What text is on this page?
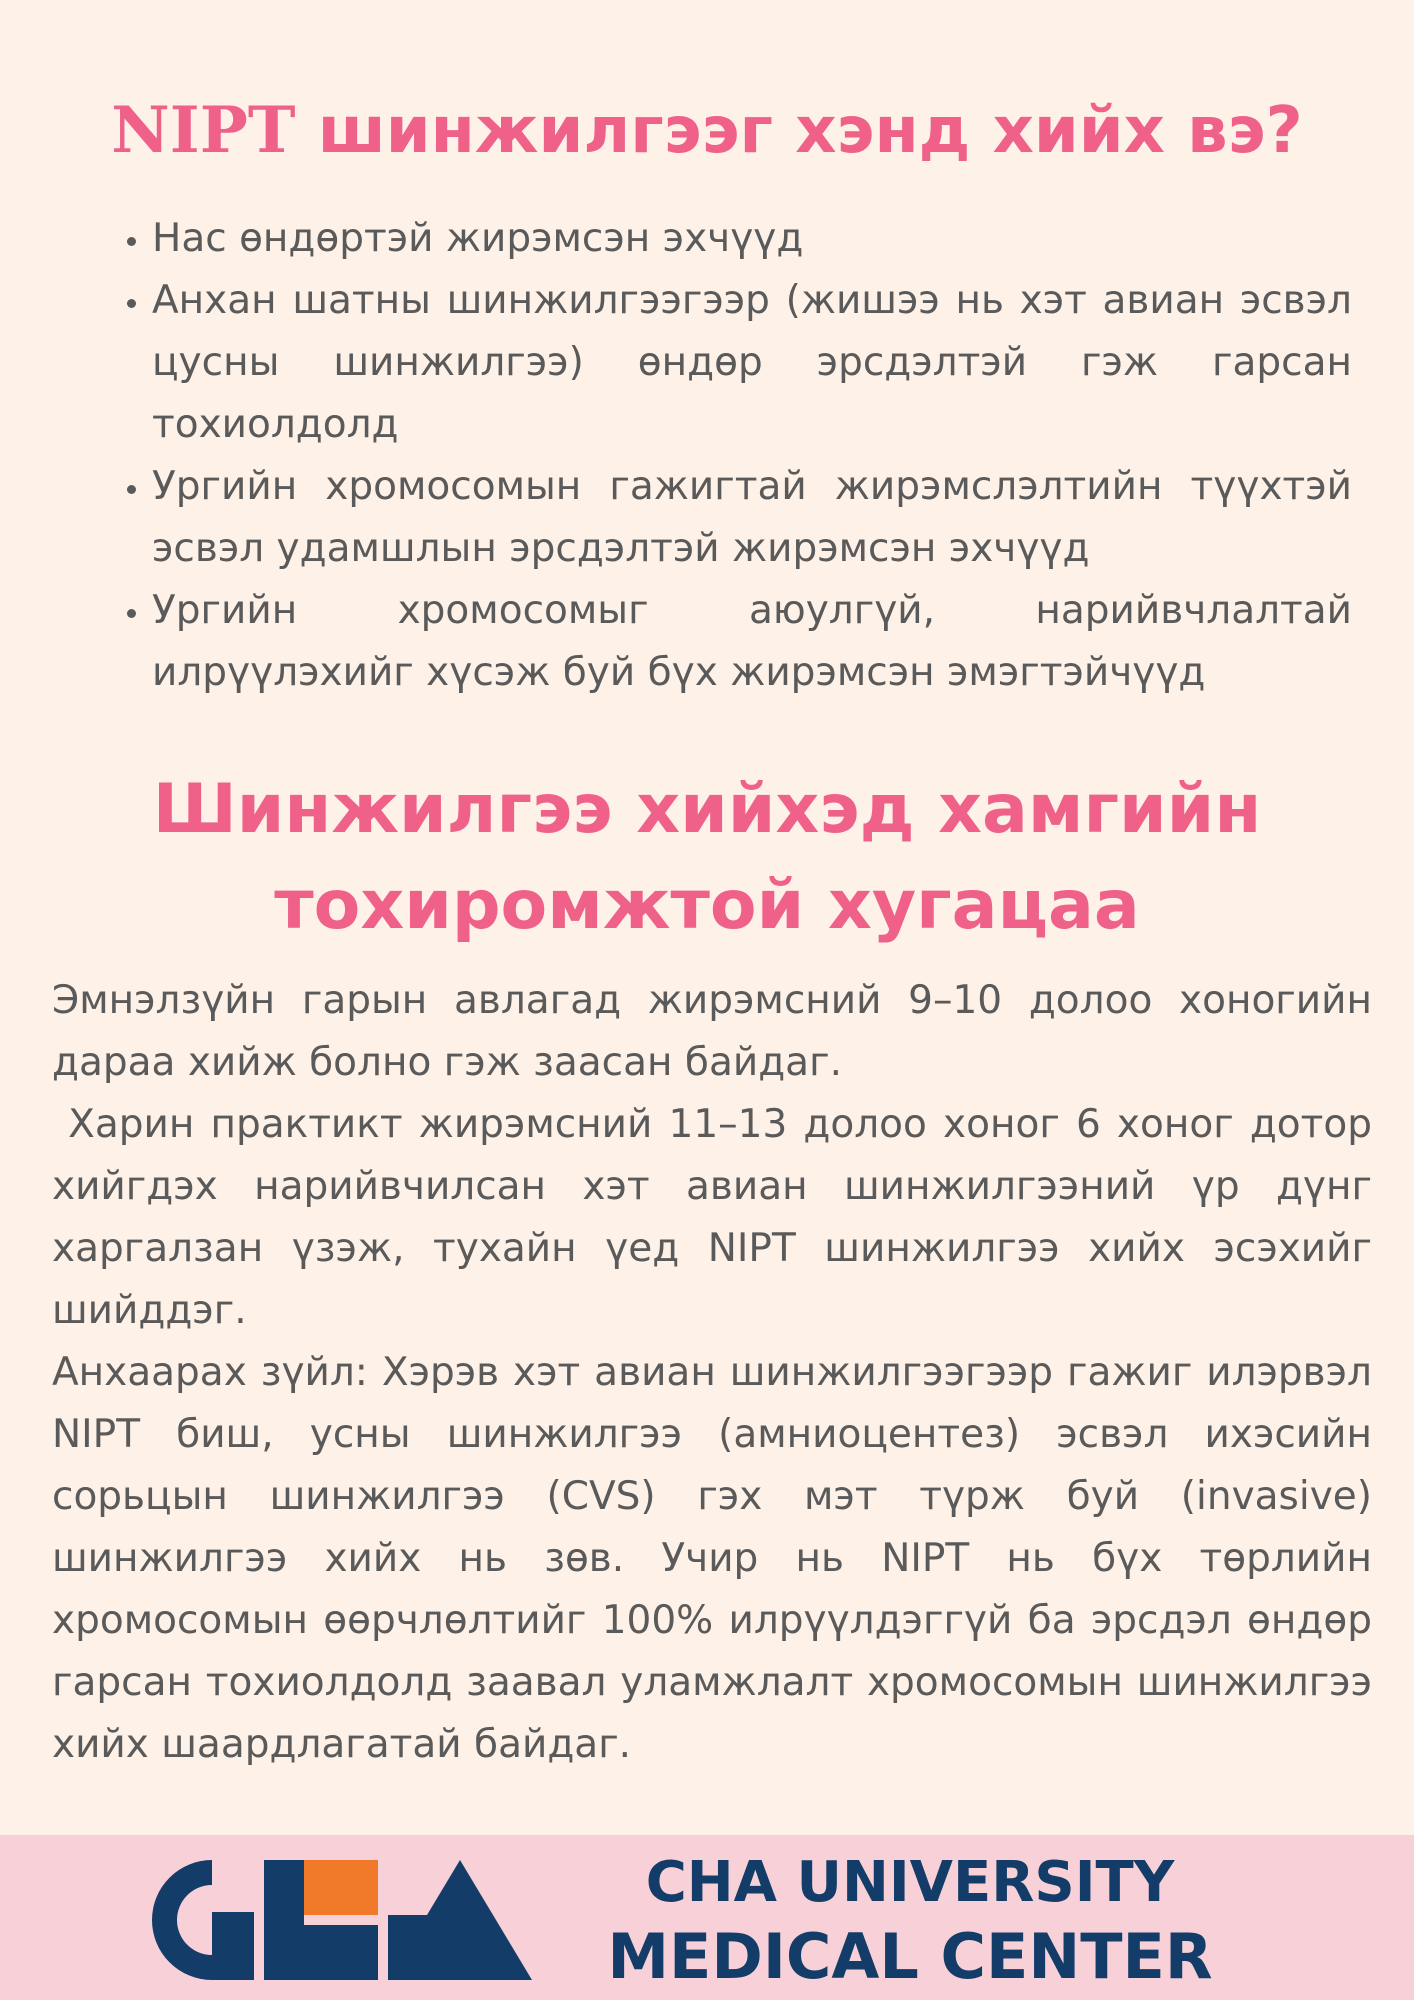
NIPT шинжилгээг хэнд хийх вэ?
• Нас өндөртэй жирэмсэн эхчүүд
• Анхан шатны шинжилгээгээр (жишээ нь хэт авиан эсвэл цусны шинжилгээ) өндөр эрсдэлтэй гэж гарсан тохиолдолд
• Ургийн хромосомын гажигтай жирэмслэлтийн түүхтэй эсвэл удамшлын эрсдэлтэй жирэмсэн эхчүүд
• Ургийн хромосомыг аюулгүй, нарийвчлалтай илрүүлэхийг хүсэж буй бүх жирэмсэн эмэгтэйчүүд
Шинжилгээ хийхэд хамгийн
тохиромжтой хугацаа

Эмнэлзүйн гарын авлагад жирэмсний 9–10 долоо хоногийн дараа хийж болно гэж заасан байдаг.

Харин практикт жирэмсний 11–13 долоо хоног 6 хоног дотор хийгдэх нарийвчилсан хэт авиан шинжилгээний үр дүнг харгалзан үзэж, тухайн үед NIPT шинжилгээ хийх эсэхийг шийддэг.

Анхаарах зүйл: Хэрэв хэт авиан шинжилгээгээр гажиг илэрвэл NIPT биш, усны шинжилгээ (амниоцентез) эсвэл ихэсийн сорьцын шинжилгээ (CVS) гэх мэт түрж буй (invasive) шинжилгээ хийх нь зөв. Учир нь NIPT нь бүх төрлийн хромосомын өөрчлөлтийг 100% илрүүлдэггүй ба эрсдэл өндөр гарсан тохиолдолд заавал уламжлалт хромосомын шинжилгээ хийх шаардлагатай байдаг.

CHA UNIVERSITY
MEDICAL CENTER
